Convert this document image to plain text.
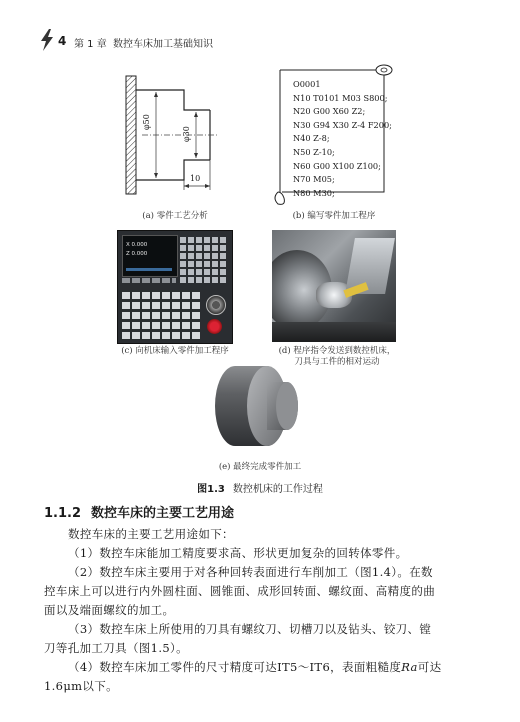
4 第 1 章 数控车床加工基础知识
φ50
φ30
10
(a) 零件工艺分析
O0001
N10 T0101 M03 S800;
N20 G00 X60 Z2;
N30 G94 X30 Z-4 F200;
N40 Z-8;
N50 Z-10;
N60 G00 X100 Z100;
N70 M05;
N80 M30;
(b) 编写零件加工程序
X 0.000
Z 0.000
(c) 向机床输入零件加工程序	(d) 程序指令发送到数控机床，
刀具与工件的相对运动
(e) 最终完成零件加工
图1.3 数控机床的工作过程
1.1.2 数控车床的主要工艺用途
数控车床的主要工艺用途如下：
（1）数控车床能加工精度要求高、形状更加复杂的回转体零件。
（2）数控车床主要用于对各种回转表面进行车削加工（图1.4）。在数
控车床上可以进行内外圆柱面、圆锥面、成形回转面、螺纹面、高精度的曲
面以及端面螺纹的加工。
（3）数控车床上所使用的刀具有螺纹刀、切槽刀以及钻头、铰刀、镗
刀等孔加工刀具（图1.5）。
（4）数控车床加工零件的尺寸精度可达IT5～IT6，表面粗糙度Ra可达
1.6μm以下。
